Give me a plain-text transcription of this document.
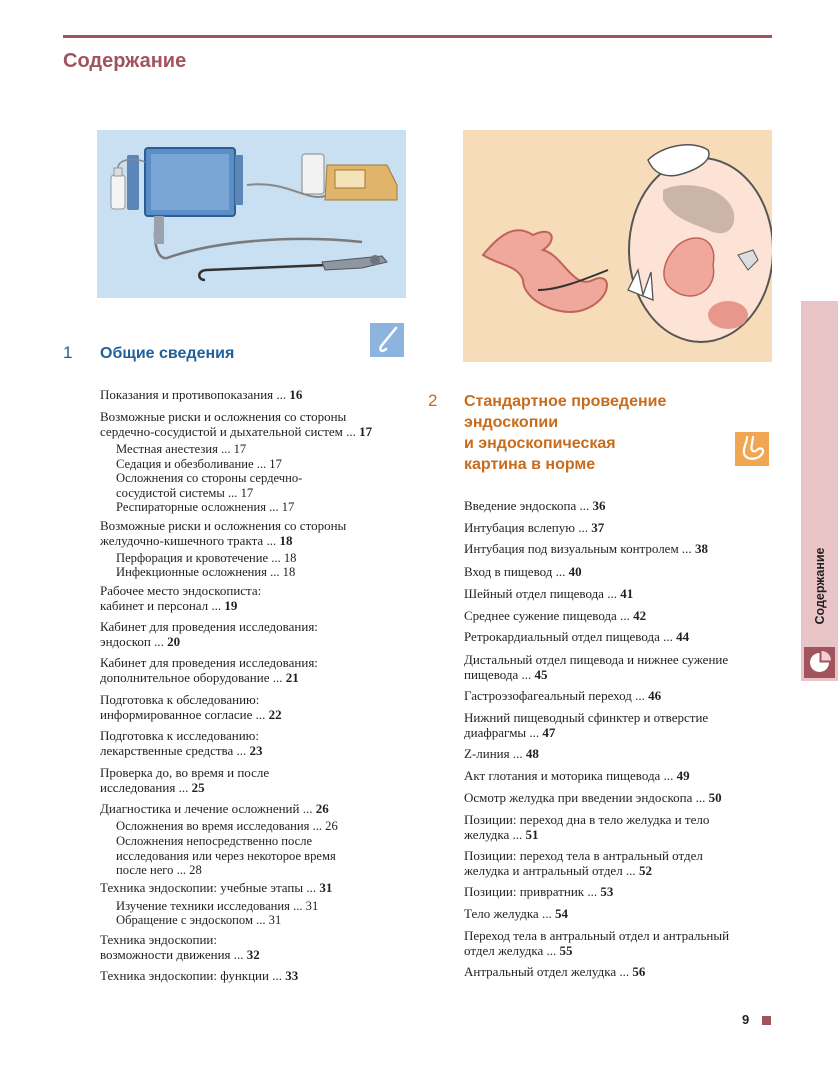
Содержание
1 Общие сведения
2 Стандартное проведение
эндоскопии
и эндоскопическая
картина в норме

Показания и противопоказания ... 16

Возможные риски и осложнения со стороны
сердечно-сосудистой и дыхательной систем ... 17

Местная анестезия ... 17

Седация и обезболивание ... 17

Осложнения со стороны сердечно-
сосудистой системы ... 17

Респираторные осложнения ... 17

Возможные риски и осложнения со стороны
желудочно-кишечного тракта ... 18

Перфорация и кровотечение ... 18

Инфекционные осложнения ... 18

Рабочее место эндоскописта:
кабинет и персонал ... 19

Кабинет для проведения исследования:
эндоскоп ... 20

Кабинет для проведения исследования:
дополнительное оборудование ... 21

Подготовка к обследованию:
информированное согласие ... 22

Подготовка к исследованию:
лекарственные средства ... 23

Проверка до, во время и после
исследования ... 25

Диагностика и лечение осложнений ... 26

Осложнения во время исследования ... 26

Осложнения непосредственно после
исследования или через некоторое время
после него ... 28

Техника эндоскопии: учебные этапы ... 31

Изучение техники исследования ... 31

Обращение с эндоскопом ... 31

Техника эндоскопии:
возможности движения ... 32

Техника эндоскопии: функции ... 33

Введение эндоскопа ... 36

Интубация вслепую ... 37

Интубация под визуальным контролем ... 38

Вход в пищевод ... 40

Шейный отдел пищевода ... 41

Среднее сужение пищевода ... 42

Ретрокардиальный отдел пищевода ... 44

Дистальный отдел пищевода и нижнее сужение
пищевода ... 45

Гастроэзофагеальный переход ... 46

Нижний пищеводный сфинктер и отверстие
диафрагмы ... 47

Z-линия ... 48

Акт глотания и моторика пищевода ... 49

Осмотр желудка при введении эндоскопа ... 50

Позиции: переход дна в тело желудка и тело
желудка ... 51

Позиции: переход тела в антральный отдел
желудка и антральный отдел ... 52

Позиции: привратник ... 53

Тело желудка ... 54

Переход тела в антральный отдел и антральный
отдел желудка ... 55

Антральный отдел желудка ... 56

Содержание
9
